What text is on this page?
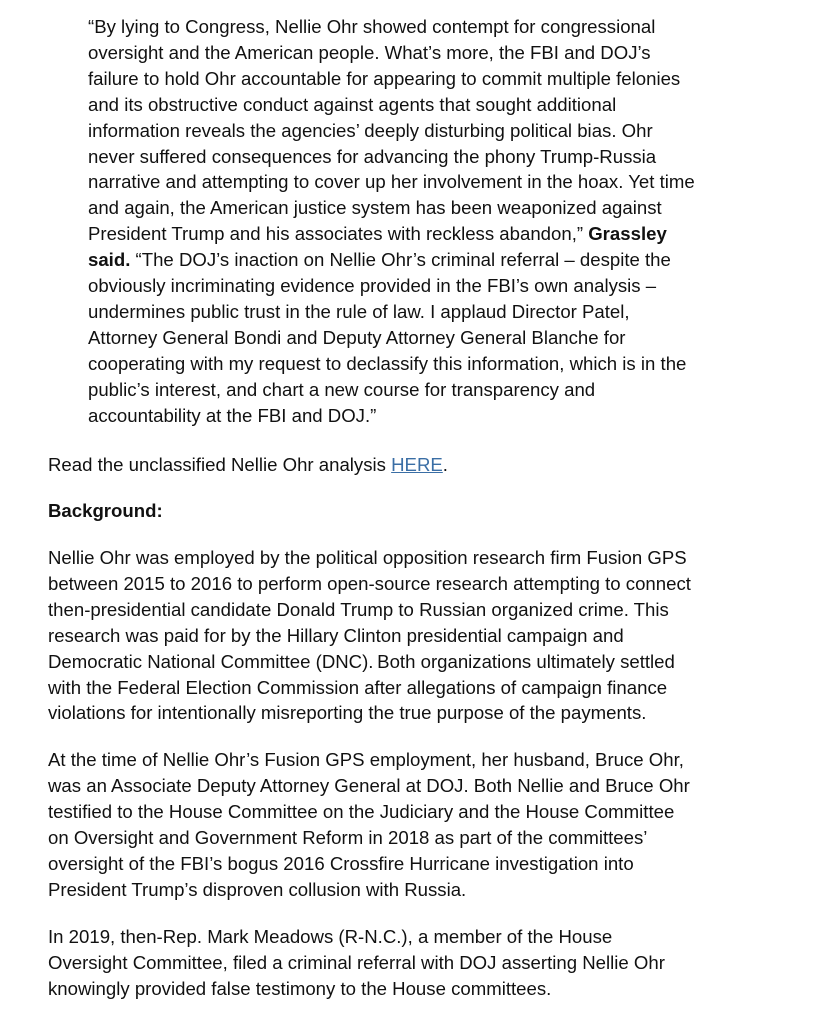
“By lying to Congress, Nellie Ohr showed contempt for congressional
oversight and the American people. What’s more, the FBI and DOJ’s
failure to hold Ohr accountable for appearing to commit multiple felonies
and its obstructive conduct against agents that sought additional
information reveals the agencies’ deeply disturbing political bias. Ohr
never suffered consequences for advancing the phony Trump-Russia
narrative and attempting to cover up her involvement in the hoax. Yet time
and again, the American justice system has been weaponized against
President Trump and his associates with reckless abandon,” Grassley
said. “The DOJ’s inaction on Nellie Ohr’s criminal referral – despite the
obviously incriminating evidence provided in the FBI’s own analysis –
undermines public trust in the rule of law. I applaud Director Patel,
Attorney General Bondi and Deputy Attorney General Blanche for
cooperating with my request to declassify this information, which is in the
public’s interest, and chart a new course for transparency and
accountability at the FBI and DOJ.”

Read the unclassified Nellie Ohr analysis HERE.

Background:

Nellie Ohr was employed by the political opposition research firm Fusion GPS
between 2015 to 2016 to perform open-source research attempting to connect
then-presidential candidate Donald Trump to Russian organized crime. This
research was paid for by the Hillary Clinton presidential campaign and
Democratic National Committee (DNC). Both organizations ultimately settled
with the Federal Election Commission after allegations of campaign finance
violations for intentionally misreporting the true purpose of the payments.

At the time of Nellie Ohr’s Fusion GPS employment, her husband, Bruce Ohr,
was an Associate Deputy Attorney General at DOJ. Both Nellie and Bruce Ohr
testified to the House Committee on the Judiciary and the House Committee
on Oversight and Government Reform in 2018 as part of the committees’
oversight of the FBI’s bogus 2016 Crossfire Hurricane investigation into
President Trump’s disproven collusion with Russia.

In 2019, then-Rep. Mark Meadows (R-N.C.), a member of the House
Oversight Committee, filed a criminal referral with DOJ asserting Nellie Ohr
knowingly provided false testimony to the House committees.
